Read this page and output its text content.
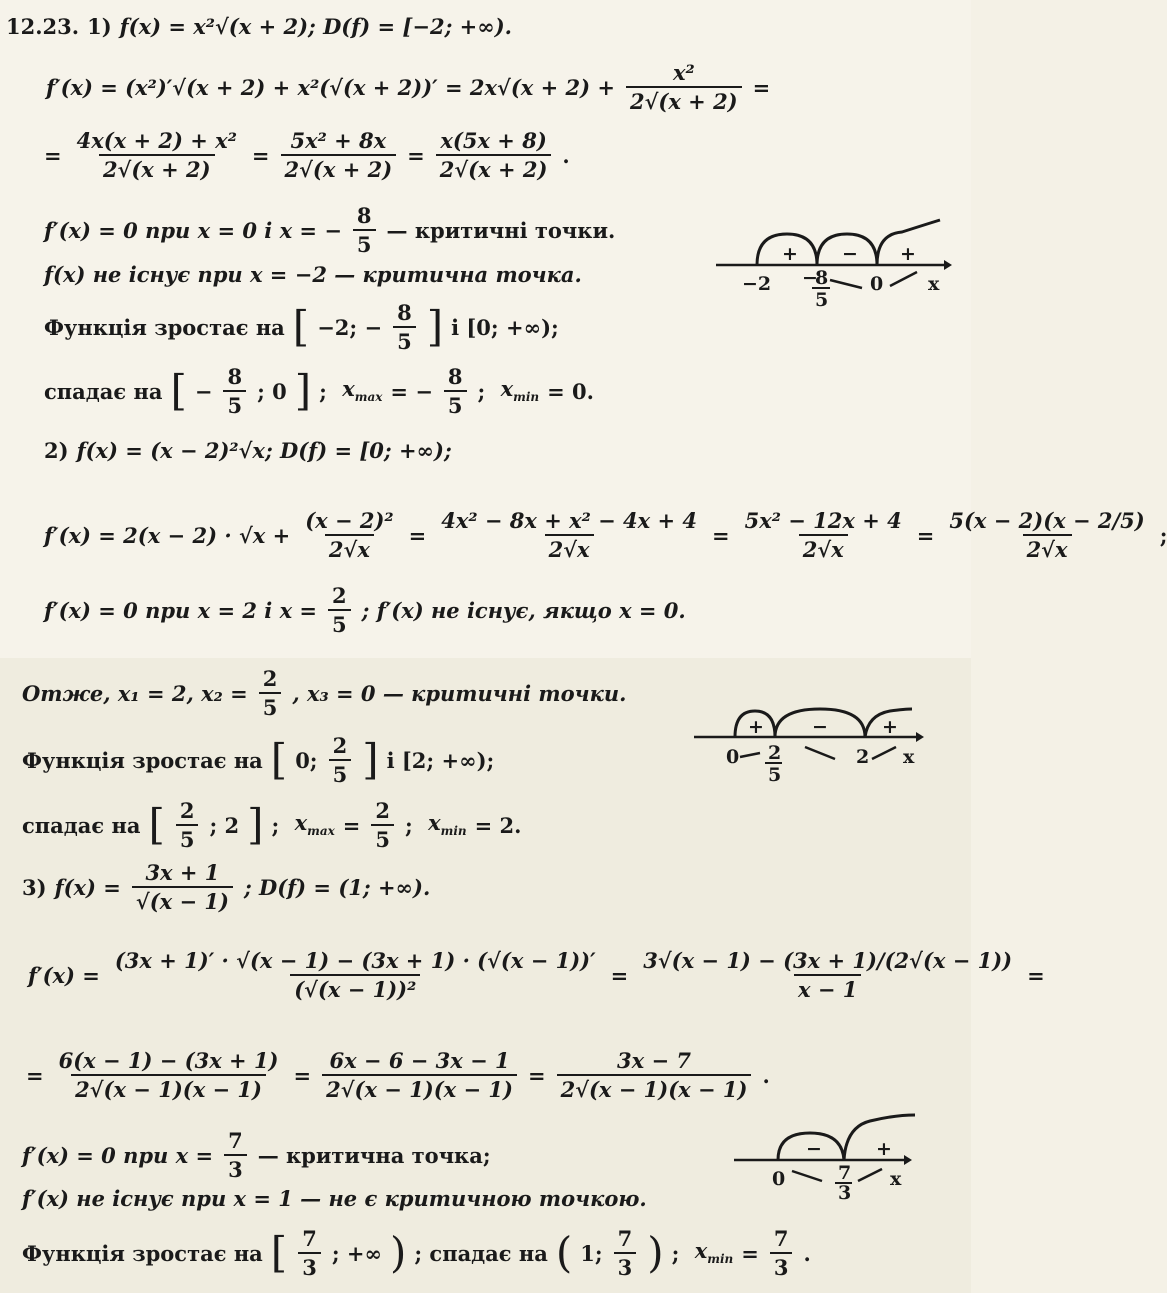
12.23. 1) f(x) = x²√(x + 2); D(f) = [−2; +∞).
$f'(x) = (x^2)'√(x + 2) + x^2(√(x + 2))' = 2x√(x + 2) + \frac{\text{x²}}{2√(x + 2)}$ =
= $\frac{\text{4x(x + 2) + x²}}{2√(x + 2)} = \frac{\text{5x² + 8x}}{2√(x + 2)} = \frac{x(5x + 8)}{2√(x + 2)}$ .
f′(x) = 0 при x = 0 і x = − $\frac{8}{5}$ — критичні точки.
f(x) не існує при x = −2 — критична точка.
Функція зростає на [ −2; − $\frac{8}{5}$ ] і [0; +∞);
спадає на [ − $\frac{8}{5}$ ; 0 ] ; $x_{max}$ = − $\frac{8}{5}$ ; $x_{min} = 0$.
+ − +
−2 −
8
5
0 x
2) f(x) = (x − 2)²√x; D(f) = [0; +∞);
$f'(x) = 2(x - 2) \cdot √x + \frac{\text{(x − 2)²}}{2√x} = \frac{\text{4x² − 8x + x² − 4x + 4}}{2√x} = \frac{\text{5x² − 12x + 4}}{2√x} = \frac{5(x - 2)(x - 2/5)}{2√x}$ ;
f′(x) = 0 при x = 2 і $x = \frac{2}{5}$ ; f′(x) не існує, якщо x = 0.
Отже, x₁ = 2, $x_2 = \frac{2}{5}$ , x₃ = 0 — критичні точки.
Функція зростає на [ 0; $\frac{2}{5}$ ] і [2; +∞);
спадає на [ $\frac{2}{5}$ ; 2 ] ; $x_{max} = \frac{2}{5}$ ; $x_{min} = 2$.
+	−	+
0 2
5
2 x
3) $f(x) = \frac{3x + 1}{√(x - 1)}$ ; D(f) = (1; +∞).
$f'(x) = \frac{(3x + 1)' \cdot √(x - 1) - (3x + 1) \cdot (√(x - 1))'}{\text{(√(x − 1))²}} = \frac{3√(x - 1) - (3x + 1)/(2√(x - 1))}{x - 1}$ =
= $\frac{6(x - 1) - (3x + 1)}{2√(x - 1)(x - 1)} = \frac{6x - 6 - 3x - 1}{2√(x - 1)(x - 1)} = \frac{3x - 7}{2√(x - 1)(x - 1)}$ .
f′(x) = 0 при $x = \frac{7}{3}$ — критична точка;
f′(x) не існує при x = 1 — не є критичною точкою.
Функція зростає на [ $\frac{7}{3}$ ; +∞ ) ; спадає на ( 1; $\frac{7}{3}$ ) ; $x_{min} = \frac{7}{3}$ .
−	+
0	7
3
x
